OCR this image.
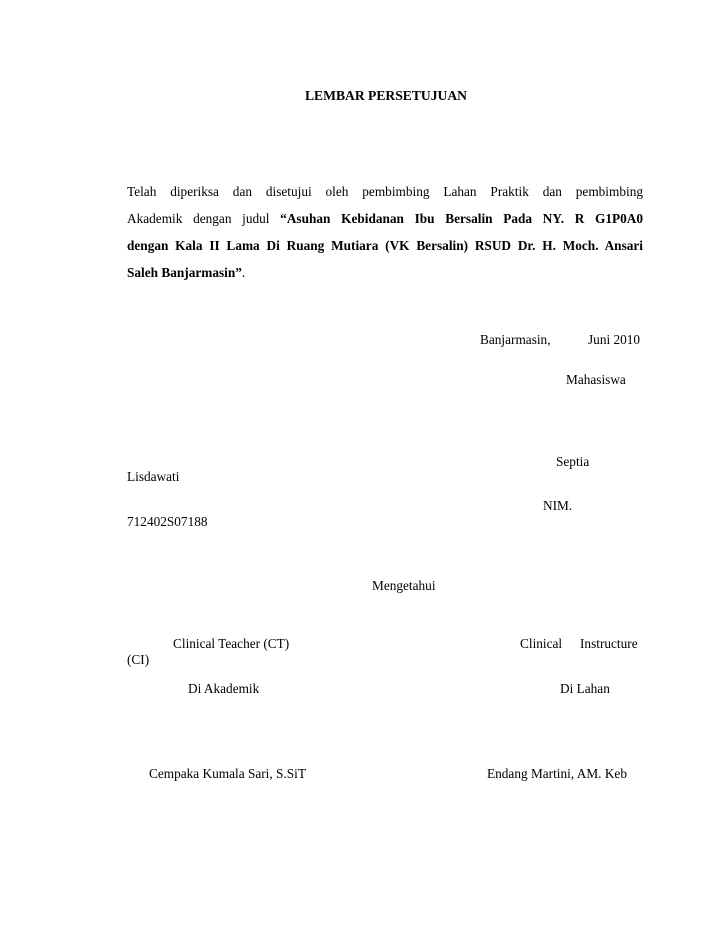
LEMBAR PERSETUJUAN
Telah diperiksa dan disetujui oleh pembimbing Lahan Praktik dan pembimbing
Akademik dengan judul “Asuhan Kebidanan Ibu Bersalin Pada NY. R G1P0A0
dengan Kala II Lama Di Ruang Mutiara (VK Bersalin) RSUD Dr. H. Moch. Ansari
Saleh Banjarmasin”.
Banjarmasin,	Juni 2010
Mahasiswa
Septia
Lisdawati
NIM.
712402S07188
Mengetahui
Clinical Teacher (CT)	Clinical Instructure
(CI)
Di Akademik	Di Lahan
Cempaka Kumala Sari, S.SiT	Endang Martini, AM. Keb
